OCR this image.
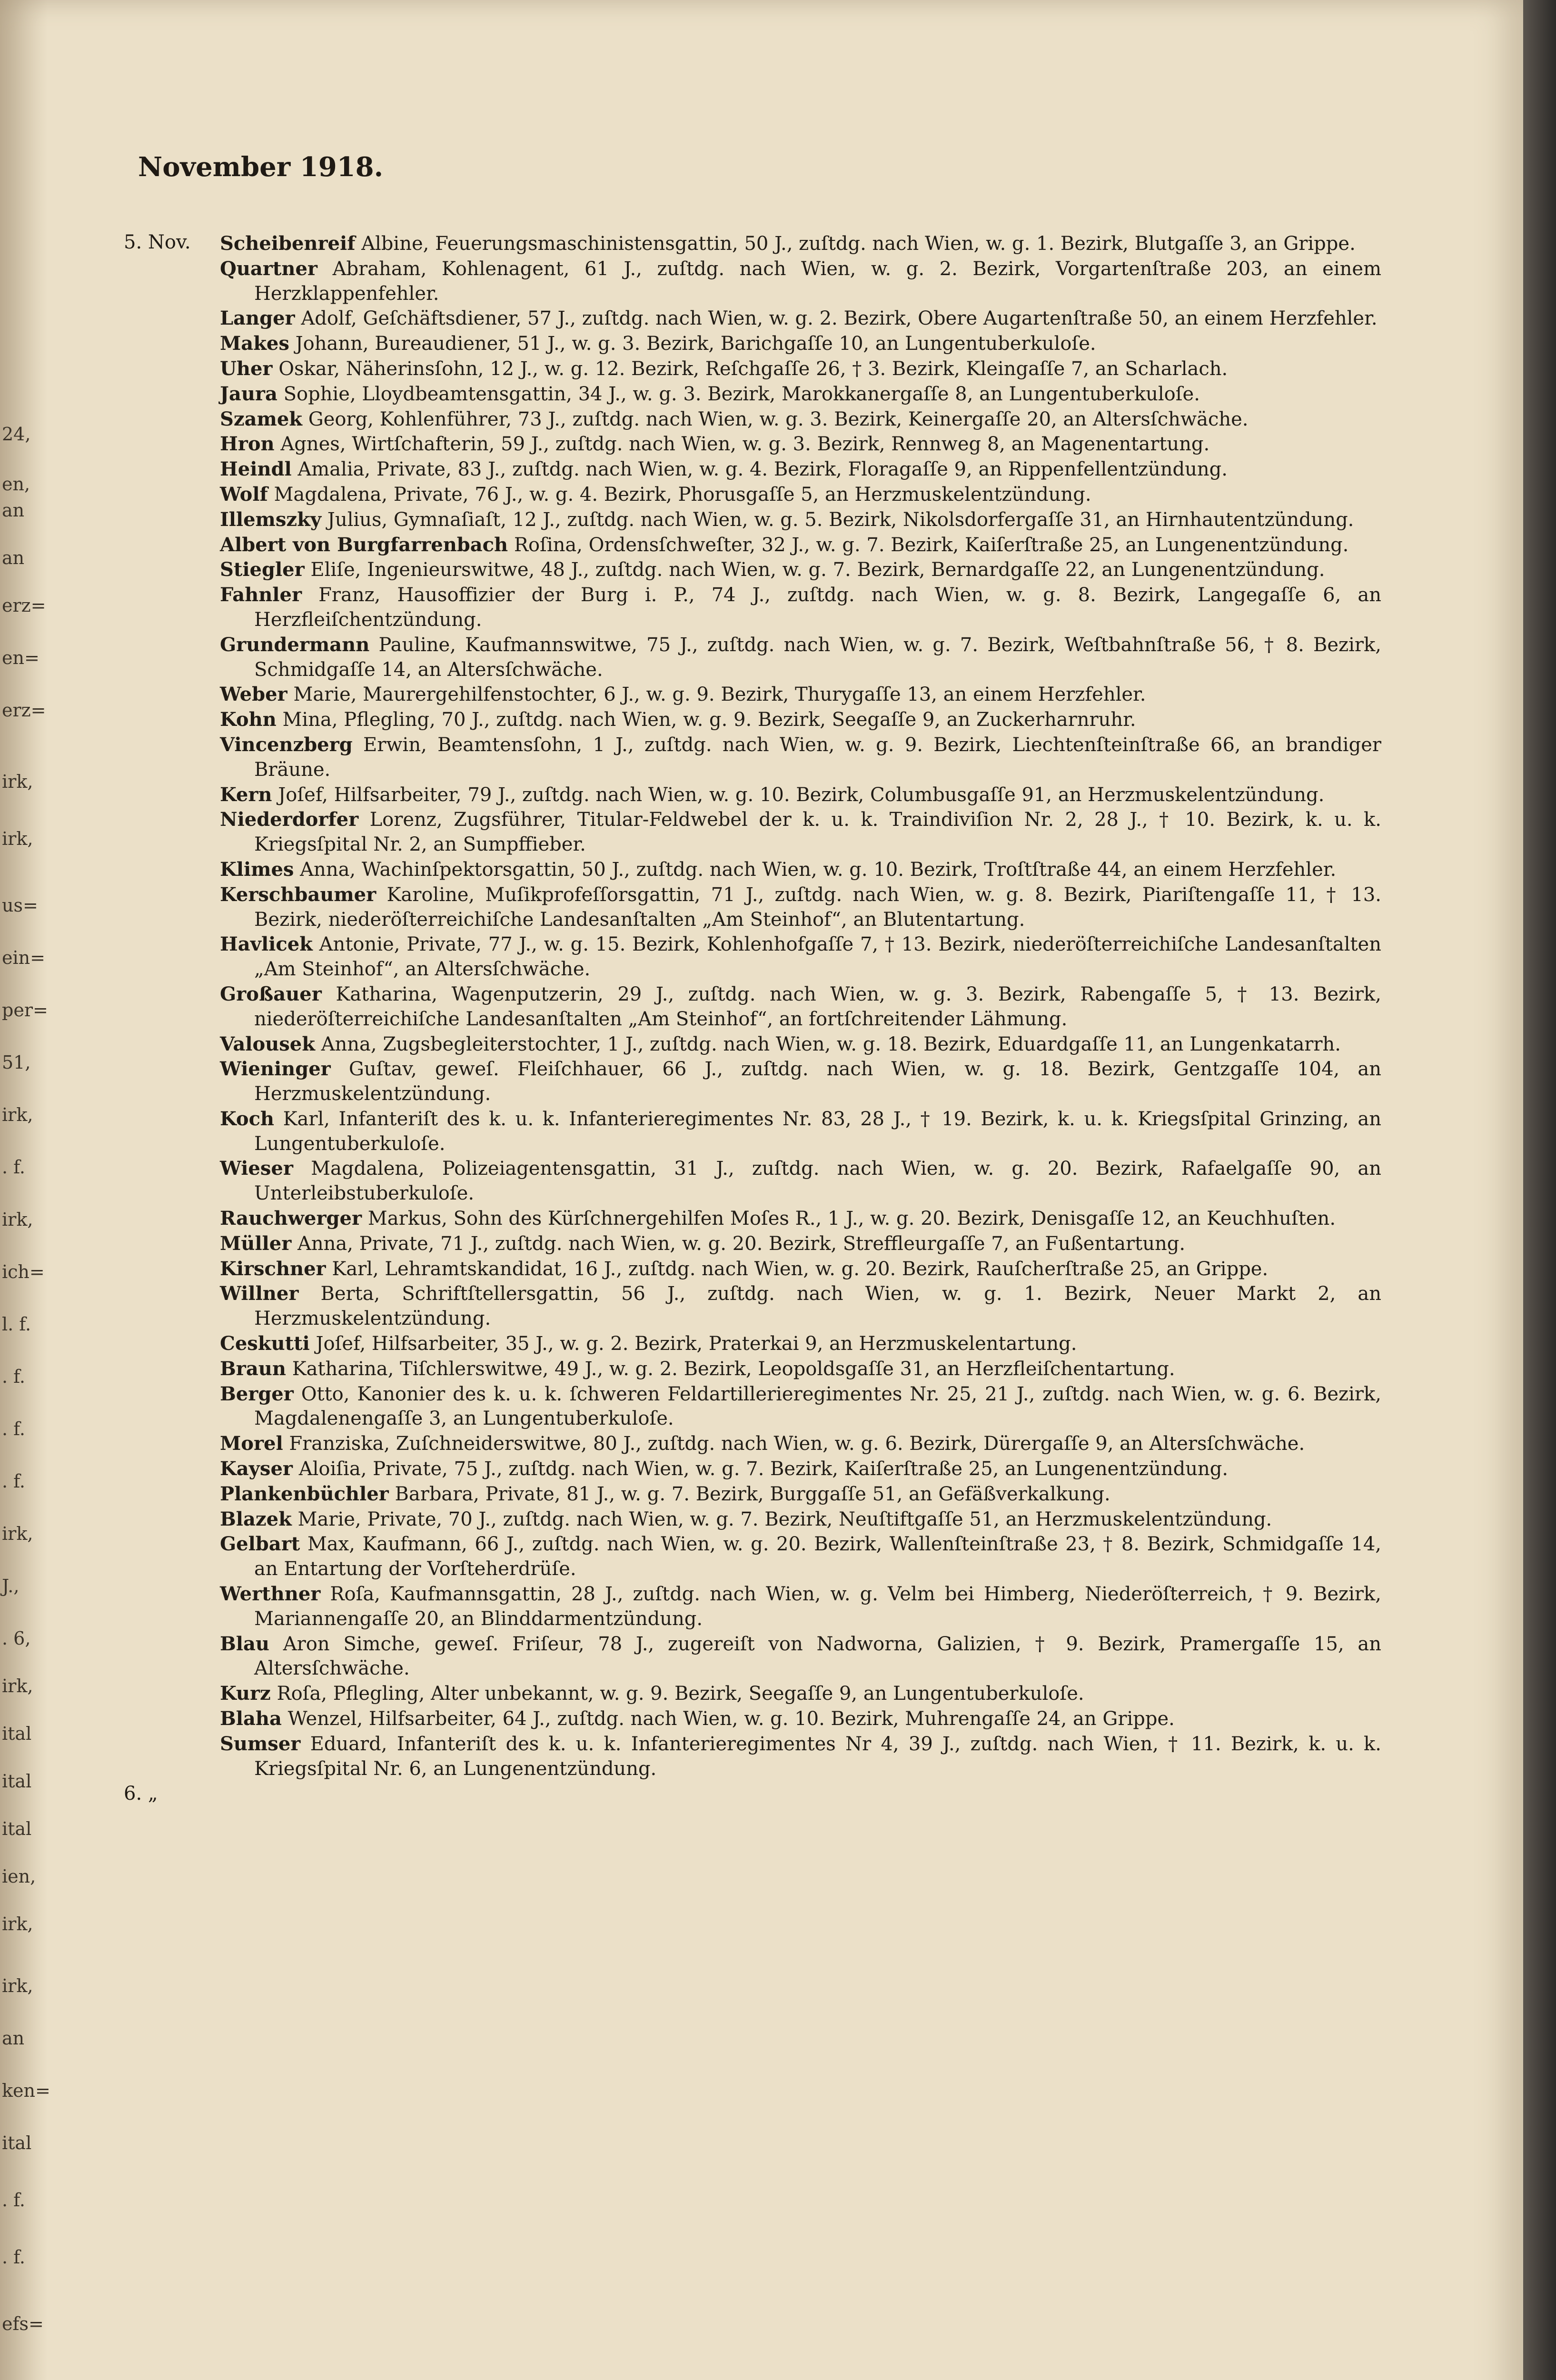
24,
en,
an
an
erz=
en=
erz=
irk,
irk,
us=
ein=
per=
51,
irk,
. f.
irk,
ich=
l. f.
. f.
. f.
. f.
irk,
J.,
. 6,
irk,
ital
ital
ital
ien,
irk,
irk,
an
ken=
ital
. f.
. f.
efs=
November 1918.
5. Nov.
6. „

Scheibenreif Albine, Feuerungsmaschinistensgattin, 50 J., zuſtdg. nach Wien, w. g. 1. Bezirk, Blutgaſſe 3, an Grippe.

Quartner Abraham, Kohlenagent, 61 J., zuſtdg. nach Wien, w. g. 2. Bezirk, Vorgartenſtraße 203, an einem Herzklappenfehler.

Langer Adolf, Geſchäftsdiener, 57 J., zuſtdg. nach Wien, w. g. 2. Bezirk, Obere Augartenſtraße 50, an einem Herzfehler.

Makes Johann, Bureaudiener, 51 J., w. g. 3. Bezirk, Barichgaſſe 10, an Lungentuberkuloſe.

Uher Oskar, Näherinsſohn, 12 J., w. g. 12. Bezirk, Reſchgaſſe 26, † 3. Bezirk, Kleingaſſe 7, an Scharlach.

Jaura Sophie, Lloydbeamtensgattin, 34 J., w. g. 3. Bezirk, Marokkanergaſſe 8, an Lungentuberkuloſe.

Szamek Georg, Kohlenführer, 73 J., zuſtdg. nach Wien, w. g. 3. Bezirk, Keinergaſſe 20, an Altersſchwäche.

Hron Agnes, Wirtſchafterin, 59 J., zuſtdg. nach Wien, w. g. 3. Bezirk, Rennweg 8, an Magenentartung.

Heindl Amalia, Private, 83 J., zuſtdg. nach Wien, w. g. 4. Bezirk, Floragaſſe 9, an Rippenfellentzündung.

Wolf Magdalena, Private, 76 J., w. g. 4. Bezirk, Phorusgaſſe 5, an Herzmuskelentzündung.

Illemszky Julius, Gymnaſiaſt, 12 J., zuſtdg. nach Wien, w. g. 5. Bezirk, Nikolsdorfergaſſe 31, an Hirnhautentzündung.

Albert von Burgfarrenbach Roſina, Ordensſchweſter, 32 J., w. g. 7. Bezirk, Kaiſerſtraße 25, an Lungenentzündung.

Stiegler Eliſe, Ingenieurswitwe, 48 J., zuſtdg. nach Wien, w. g. 7. Bezirk, Bernardgaſſe 22, an Lungenentzündung.

Fahnler Franz, Hausoffizier der Burg i. P., 74 J., zuſtdg. nach Wien, w. g. 8. Bezirk, Langegaſſe 6, an Herzfleiſchentzündung.

Grundermann Pauline, Kaufmannswitwe, 75 J., zuſtdg. nach Wien, w. g. 7. Bezirk, Weſtbahnſtraße 56, † 8. Bezirk, Schmidgaſſe 14, an Altersſchwäche.

Weber Marie, Maurergehilfenstochter, 6 J., w. g. 9. Bezirk, Thurygaſſe 13, an einem Herzfehler.

Kohn Mina, Pflegling, 70 J., zuſtdg. nach Wien, w. g. 9. Bezirk, Seegaſſe 9, an Zuckerharnruhr.

Vincenzberg Erwin, Beamtensſohn, 1 J., zuſtdg. nach Wien, w. g. 9. Bezirk, Liechtenſteinſtraße 66, an brandiger Bräune.

Kern Joſef, Hilfsarbeiter, 79 J., zuſtdg. nach Wien, w. g. 10. Bezirk, Columbusgaſſe 91, an Herzmuskelentzündung.

Niederdorfer Lorenz, Zugsführer, Titular-Feldwebel der k. u. k. Traindiviſion Nr. 2, 28 J., † 10. Bezirk, k. u. k. Kriegsſpital Nr. 2, an Sumpffieber.

Klimes Anna, Wachinſpektorsgattin, 50 J., zuſtdg. nach Wien, w. g. 10. Bezirk, Troſtſtraße 44, an einem Herzfehler.

Kerschbaumer Karoline, Muſikprofeſſorsgattin, 71 J., zuſtdg. nach Wien, w. g. 8. Bezirk, Piariſtengaſſe 11, † 13. Bezirk, niederöſterreichiſche Landesanſtalten „Am Steinhof“, an Blutentartung.

Havlicek Antonie, Private, 77 J., w. g. 15. Bezirk, Kohlenhofgaſſe 7, † 13. Bezirk, niederöſterreichiſche Landesanſtalten „Am Steinhof“, an Altersſchwäche.

Großauer Katharina, Wagenputzerin, 29 J., zuſtdg. nach Wien, w. g. 3. Bezirk, Rabengaſſe 5, † 13. Bezirk, niederöſterreichiſche Landesanſtalten „Am Steinhof“, an fortſchreitender Lähmung.

Valousek Anna, Zugsbegleiterstochter, 1 J., zuſtdg. nach Wien, w. g. 18. Bezirk, Eduardgaſſe 11, an Lungenkatarrh.

Wieninger Guſtav, geweſ. Fleiſchhauer, 66 J., zuſtdg. nach Wien, w. g. 18. Bezirk, Gentzgaſſe 104, an Herzmuskelentzündung.

Koch Karl, Infanteriſt des k. u. k. Infanterieregimentes Nr. 83, 28 J., † 19. Bezirk, k. u. k. Kriegsſpital Grinzing, an Lungentuberkuloſe.

Wieser Magdalena, Polizeiagentensgattin, 31 J., zuſtdg. nach Wien, w. g. 20. Bezirk, Rafaelgaſſe 90, an Unterleibstuberkuloſe.

Rauchwerger Markus, Sohn des Kürſchnergehilfen Moſes R., 1 J., w. g. 20. Bezirk, Denisgaſſe 12, an Keuchhuſten.

Müller Anna, Private, 71 J., zuſtdg. nach Wien, w. g. 20. Bezirk, Streffleurgaſſe 7, an Fußentartung.

Kirschner Karl, Lehramtskandidat, 16 J., zuſtdg. nach Wien, w. g. 20. Bezirk, Rauſcherſtraße 25, an Grippe.

Willner Berta, Schriftſtellersgattin, 56 J., zuſtdg. nach Wien, w. g. 1. Bezirk, Neuer Markt 2, an Herzmuskelentzündung.

Ceskutti Joſef, Hilfsarbeiter, 35 J., w. g. 2. Bezirk, Praterkai 9, an Herzmuskelentartung.

Braun Katharina, Tiſchlerswitwe, 49 J., w. g. 2. Bezirk, Leopoldsgaſſe 31, an Herzfleiſchentartung.

Berger Otto, Kanonier des k. u. k. ſchweren Feldartillerieregimentes Nr. 25, 21 J., zuſtdg. nach Wien, w. g. 6. Bezirk, Magdalenengaſſe 3, an Lungentuberkuloſe.

Morel Franziska, Zuſchneiderswitwe, 80 J., zuſtdg. nach Wien, w. g. 6. Bezirk, Dürergaſſe 9, an Altersſchwäche.

Kayser Aloiſia, Private, 75 J., zuſtdg. nach Wien, w. g. 7. Bezirk, Kaiſerſtraße 25, an Lungenentzündung.

Plankenbüchler Barbara, Private, 81 J., w. g. 7. Bezirk, Burggaſſe 51, an Gefäßverkalkung.

Blazek Marie, Private, 70 J., zuſtdg. nach Wien, w. g. 7. Bezirk, Neuſtiftgaſſe 51, an Herzmuskelentzündung.

Gelbart Max, Kaufmann, 66 J., zuſtdg. nach Wien, w. g. 20. Bezirk, Wallenſteinſtraße 23, † 8. Bezirk, Schmidgaſſe 14, an Entartung der Vorſteherdrüſe.

Werthner Roſa, Kaufmannsgattin, 28 J., zuſtdg. nach Wien, w. g. Velm bei Himberg, Niederöſterreich, † 9. Bezirk, Mariannengaſſe 20, an Blinddarmentzündung.

Blau Aron Simche, geweſ. Friſeur, 78 J., zugereiſt von Nadworna, Galizien, † 9. Bezirk, Pramergaſſe 15, an Altersſchwäche.

Kurz Roſa, Pflegling, Alter unbekannt, w. g. 9. Bezirk, Seegaſſe 9, an Lungentuberkuloſe.

Blaha Wenzel, Hilfsarbeiter, 64 J., zuſtdg. nach Wien, w. g. 10. Bezirk, Muhrengaſſe 24, an Grippe.

Sumser Eduard, Infanteriſt des k. u. k. Infanterieregimentes Nr 4, 39 J., zuſtdg. nach Wien, † 11. Bezirk, k. u. k. Kriegsſpital Nr. 6, an Lungenentzündung.
